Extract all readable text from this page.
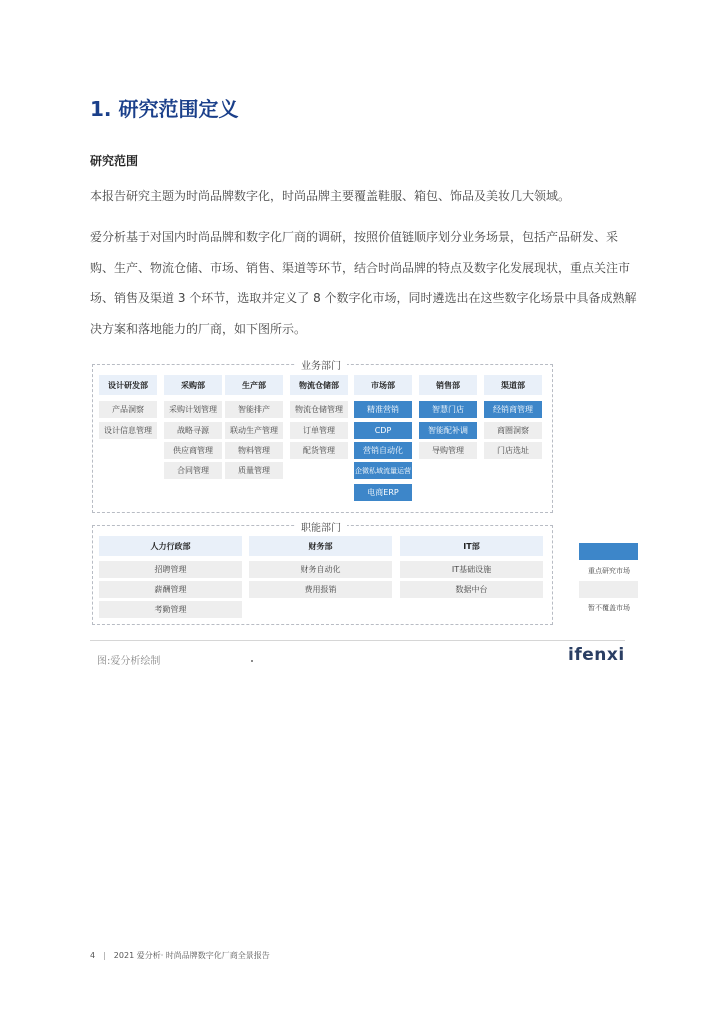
1. 研究范围定义
研究范围

本报告研究主题为时尚品牌数字化，时尚品牌主要覆盖鞋服、箱包、饰品及美妆几大领域。

爱分析基于对国内时尚品牌和数字化厂商的调研，按照价值链顺序划分业务场景，包括产品研发、采购、生产、物流仓储、市场、销售、渠道等环节，结合时尚品牌的特点及数字化发展现状，重点关注市场、销售及渠道 3 个环节，选取并定义了 8 个数字化市场，同时遴选出在这些数字化场景中具备成熟解决方案和落地能力的厂商，如下图所示。

业务部门
设计研发部
产品洞察
设计信息管理
采购部
采购计划管理
战略寻源
供应商管理
合同管理
生产部
智能排产
联动生产管理
物料管理
质量管理
物流仓储部
物流仓储管理
订单管理
配货管理
市场部
精准营销
CDP
营销自动化
企微私域流量运营
电商ERP
销售部
智慧门店
智能配补调
导购管理
渠道部
经销商管理
商圈洞察
门店选址
职能部门
人力行政部
招聘管理
薪酬管理
考勤管理
财务部
财务自动化
费用报销
IT部
IT基础设施
数据中台
重点研究市场
暂不覆盖市场
图:爱分析绘制	ifenxi
4 | 2021 爱分析· 时尚品牌数字化厂商全景报告
